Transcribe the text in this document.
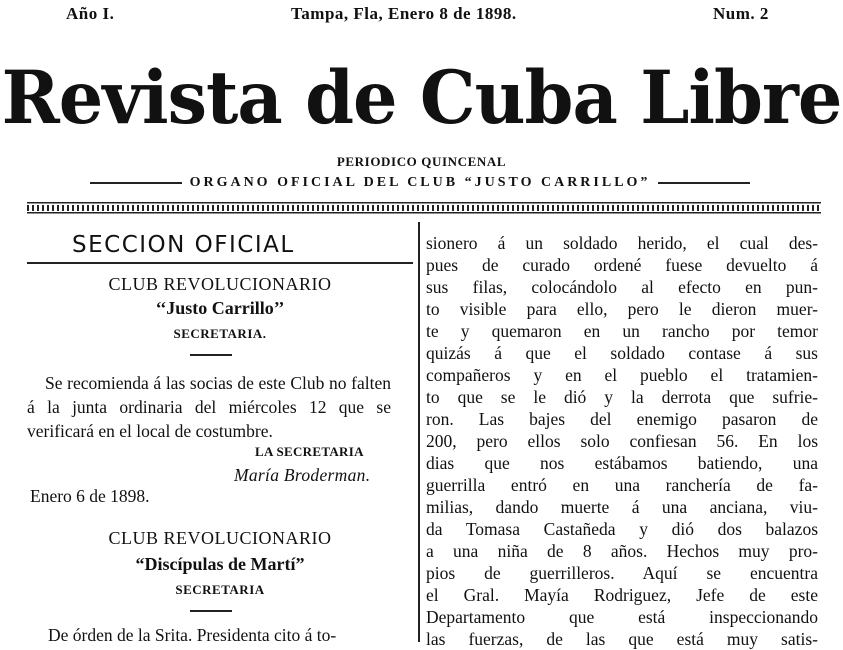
Año I.	Tampa, Fla, Enero 8 de 1898.	Num. 2
Revista de Cuba Libre
PERIODICO QUINCENAL
ORGANO OFICIAL DEL CLUB “JUSTO CARRILLO”
SECCION OFICIAL
CLUB REVOLUCIONARIO
‘‘Justo Carrillo’’
SECRETARIA.
Se recomienda á las socias de este Club no falten á la junta ordinaria del miércoles 12 que se verificará en el local de costumbre.
LA SECRETARIA
María Broderman.
Enero 6 de 1898.
CLUB REVOLUCIONARIO
“Discípulas de Martí”
SECRETARIA
De órden de la Srita. Presidenta cito á to-
sionero á un soldado herido, el cual des-
pues de curado ordené fuese devuelto á
sus filas, colocándolo al efecto en pun-
to visible para ello, pero le dieron muer-
te y quemaron en un rancho por temor
quizás á que el soldado contase á sus
compañeros y en el pueblo el tratamien-
to que se le dió y la derrota que sufrie-
ron. Las bajes del enemigo pasaron de
200, pero ellos solo confiesan 56. En los
dias que nos estábamos batiendo, una
guerrilla entró en una ranchería de fa-
milias, dando muerte á una anciana, viu-
da Tomasa Castañeda y dió dos balazos
a una niña de 8 años. Hechos muy pro-
pios de guerrilleros. Aquí se encuentra
el Gral. Mayía Rodriguez, Jefe de este
Departamento que está inspeccionando
las fuerzas, de las que está muy satis-
